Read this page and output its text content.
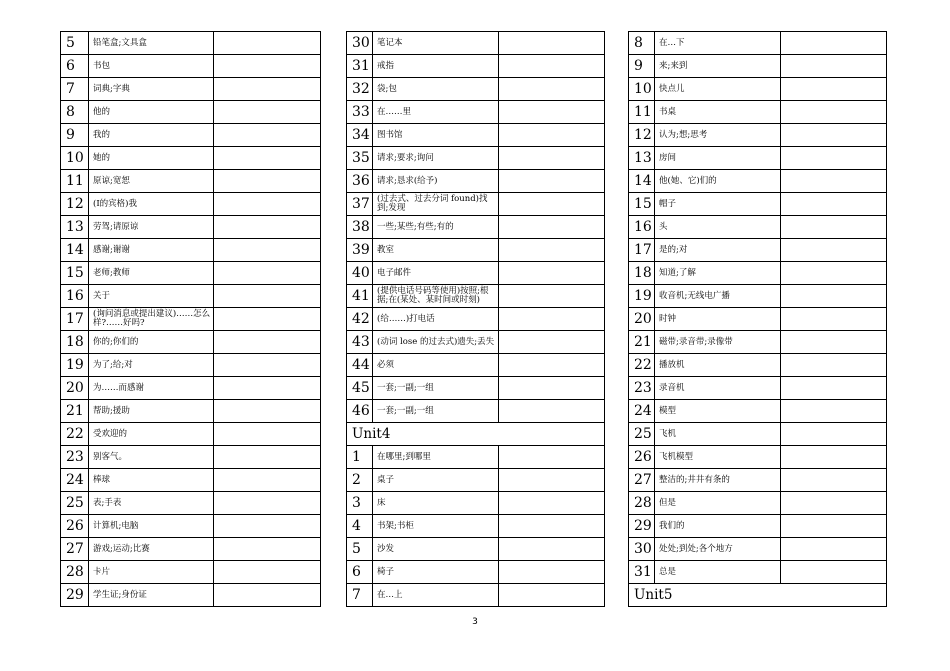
5	铅笔盒;文具盒	
6	书包	
7	词典;字典	
8	他的	
9	我的	
10	她的	
11	原谅;宽恕	
12	(I的宾格)我	
13	劳驾;请原谅	
14	感谢;谢谢	
15	老师;教师	
16	关于	
17	(询问消息或提出建议)……怎么样?……好吗?	
18	你的;你们的	
19	为了;给;对	
20	为……而感谢	
21	帮助;援助	
22	受欢迎的	
23	别客气。	
24	棒球	
25	表;手表	
26	计算机;电脑	
27	游戏;运动;比赛	
28	卡片	
29	学生证;身份证	
30	笔记本	
31	戒指	
32	袋;包	
33	在……里	
34	图书馆	
35	请求;要求;询问	
36	请求;恳求(给予)	
37	(过去式、过去分词 found)找到;发现	
38	一些;某些;有些;有的	
39	教室	
40	电子邮件	
41	(提供电话号码等使用)按照;根据;在(某处、某时间或时刻)	
42	(给……)打电话	
43	(动词 lose 的过去式)遗失;丢失	
44	必须	
45	一套;一副;一组	
46	一套;一副;一组	
Unit4		
1	在哪里;到哪里	
2	桌子	
3	床	
4	书架;书柜	
5	沙发	
6	椅子	
7	在…上	
8	在…下	
9	来;来到	
10	快点儿	
11	书桌	
12	认为;想;思考	
13	房间	
14	他(她、它)们的	
15	帽子	
16	头	
17	是的;对	
18	知道;了解	
19	收音机;无线电广播	
20	时钟	
21	磁带;录音带;录像带	
22	播放机	
23	录音机	
24	模型	
25	飞机	
26	飞机模型	
27	整洁的;井井有条的	
28	但是	
29	我们的	
30	处处;到处;各个地方	
31	总是	
Unit5		
3
